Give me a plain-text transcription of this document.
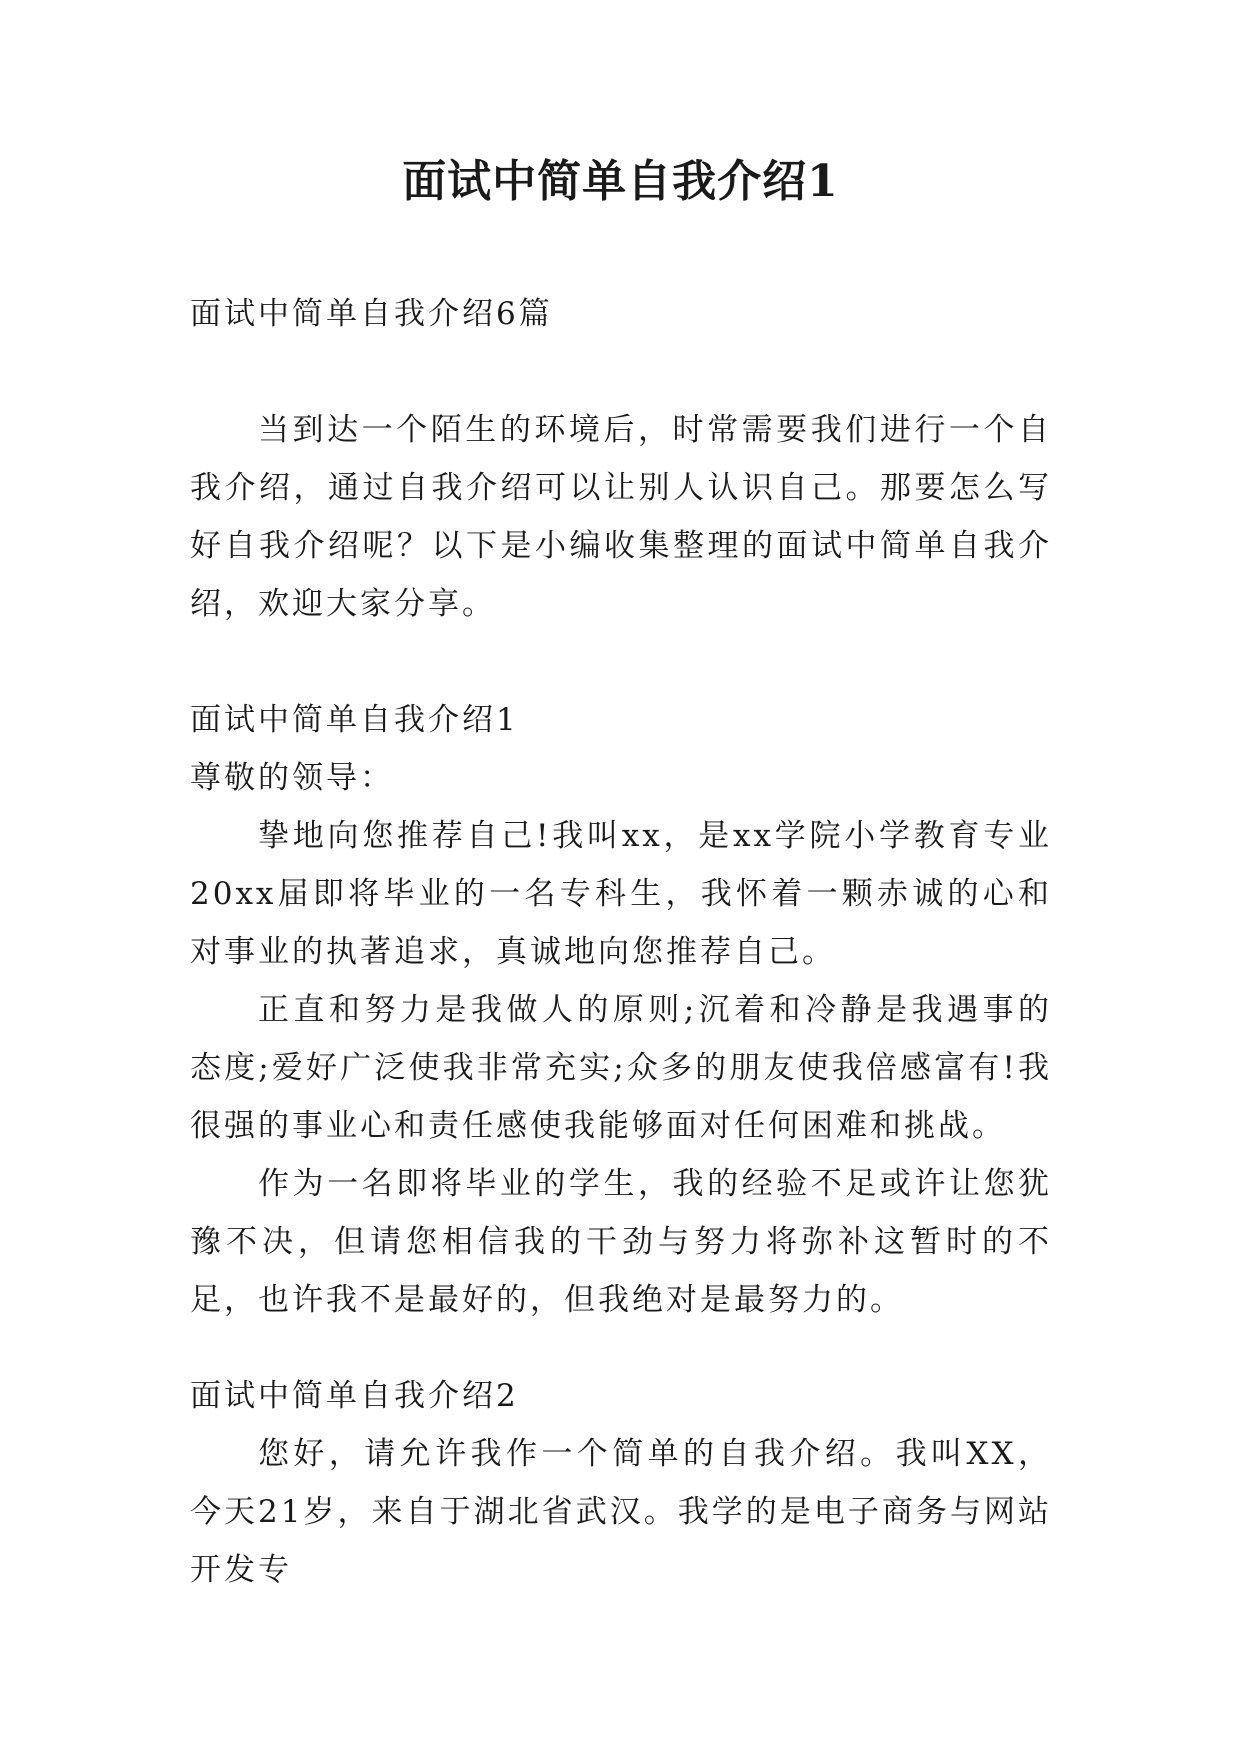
面试中简单自我介绍1

面试中简单自我介绍6篇

当到达一个陌生的环境后，时常需要我们进行一个自我介绍，通过自我介绍可以让别人认识自己。那要怎么写好自我介绍呢？以下是小编收集整理的面试中简单自我介绍，欢迎大家分享。

面试中简单自我介绍1

尊敬的领导：

挚地向您推荐自己!我叫xx，是xx学院小学教育专业20xx届即将毕业的一名专科生，我怀着一颗赤诚的心和对事业的执著追求，真诚地向您推荐自己。

正直和努力是我做人的原则;沉着和冷静是我遇事的态度;爱好广泛使我非常充实;众多的朋友使我倍感富有!我很强的事业心和责任感使我能够面对任何困难和挑战。

作为一名即将毕业的学生，我的经验不足或许让您犹豫不决，但请您相信我的干劲与努力将弥补这暂时的不足，也许我不是最好的，但我绝对是最努力的。

面试中简单自我介绍2

您好，请允许我作一个简单的自我介绍。我叫XX，今天21岁，来自于湖北省武汉。我学的是电子商务与网站开发专
